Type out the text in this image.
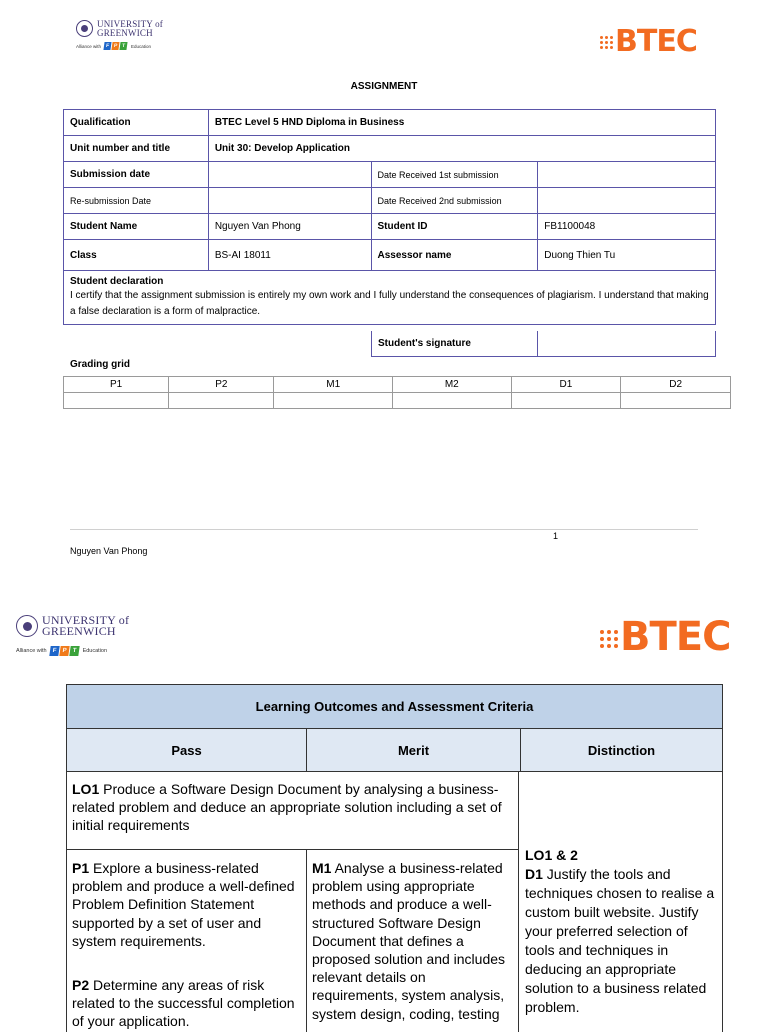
UNIVERSITY of
GREENWICH
Alliance with F P T	Education	BTEC
ASSIGNMENT
Qualification	BTEC Level 5 HND Diploma in Business		
Unit number and title	Unit 30: Develop Application		
Submission date		Date Received 1st submission	
Re-submission Date		Date Received 2nd submission	
Student Name	Nguyen Van Phong	Student ID	FB1100048
Class	BS-AI 18011	Assessor name	Duong Thien Tu

Student declaration
I certify that the assignment submission is entirely my own work and I fully understand the consequences of plagiarism. I understand that making a false declaration is a form of malpractice.			
Student's signature
Grading grid
P1	P2	M1	M2	D1	D2

1
Nguyen Van Phong
UNIVERSITY of
GREENWICH
Alliance with F P T	Education	BTEC
Learning Outcomes and Assessment Criteria
Pass	Merit	Distinction
LO1 Produce a Software Design Document by analysing a business-related problem and deduce an appropriate solution including a set of initial requirements
P1 Explore a business-related problem and produce a well-defined Problem Definition Statement supported by a set of user and system requirements.
P2 Determine any areas of risk related to the successful completion of your application.
M1 Analyse a business-related problem using appropriate methods and produce a well-structured Software Design Document that defines a proposed solution and includes relevant details on requirements, system analysis, system design, coding, testing
LO1 & 2
D1 Justify the tools and techniques chosen to realise a custom built website. Justify your preferred selection of tools and techniques in deducing an appropriate solution to a business related problem.
